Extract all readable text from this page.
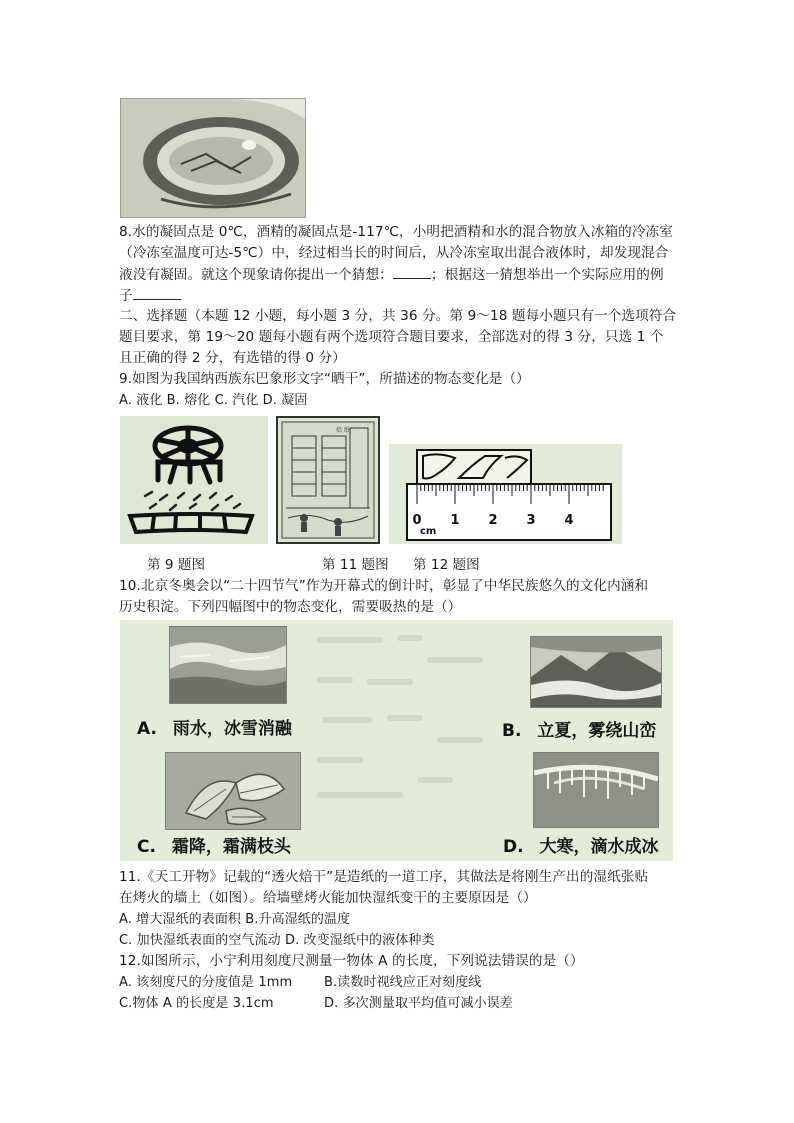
8.水的凝固点是 0℃，酒精的凝固点是-117℃，小明把酒精和水的混合物放入冰箱的冷冻室
（冷冻室温度可达-5℃）中，经过相当长的时间后，从冷冻室取出混合液体时，却发现混合
液没有凝固。就这个现象请你提出一个猜想：	；根据这一猜想举出一个实际应用的例
子
二、选择题（本题 12 小题，每小题 3 分，共 36 分。第 9～18 题每小题只有一个选项符合
题目要求，第 19～20 题每小题有两个选项符合题目要求，全部选对的得 3 分，只选 1 个
且正确的得 2 分，有选错的得 0 分）
9.如图为我国纳西族东巴象形文字“晒干”，所描述的物态变化是（）
A. 液化 B. 熔化 C. 汽化 D. 凝固
焙 纸
0 1 2 3 4
cm
第 9 题图	第 11 题图 第 12 题图
10.北京冬奥会以“二十四节气”作为开幕式的倒计时，彰显了中华民族悠久的文化内涵和
历史积淀。下列四幅图中的物态变化，需要吸热的是（）
A. 雨水，冰雪消融	B. 立夏，雾绕山峦
C. 霜降，霜满枝头	D. 大寒，滴水成冰
11.《天工开物》记载的“透火焙干”是造纸的一道工序，其做法是将刚生产出的湿纸张贴
在烤火的墙上（如图）。给墙壁烤火能加快湿纸变干的主要原因是（）
A. 增大湿纸的表面积 B.升高湿纸的温度
C. 加快湿纸表面的空气流动 D. 改变湿纸中的液体种类
12.如图所示，小宁利用刻度尺测量一物体 A 的长度，下列说法错误的是（）
A. 该刻度尺的分度值是 1mm B.读数时视线应正对刻度线
C.物体 A 的长度是 3.1cm	D. 多次测量取平均值可减小误差
